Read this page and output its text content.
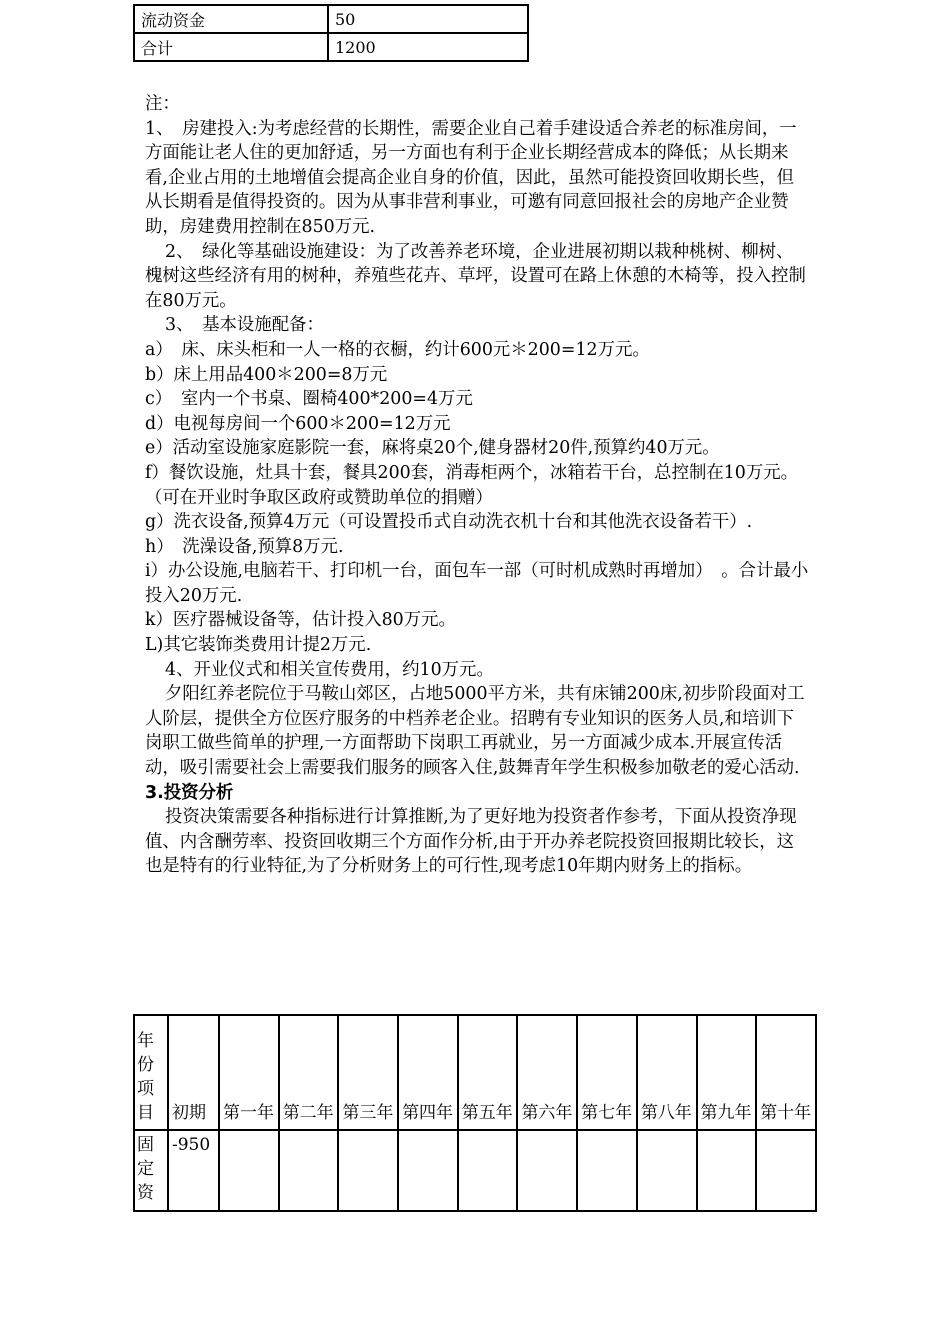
流动资金	50
合计	1200

注：

1、　房建投入:为考虑经营的长期性，需要企业自己着手建设适合养老的标准房间，一方面能让老人住的更加舒适，另一方面也有利于企业长期经营成本的降低；从长期来看,企业占用的土地增值会提高企业自身的价值，因此，虽然可能投资回收期长些，但从长期看是值得投资的。因为从事非营利事业，可邀有同意回报社会的房地产企业赞助，房建费用控制在850万元.

2、　绿化等基础设施建设：为了改善养老环境，企业进展初期以栽种桃树、柳树、槐树这些经济有用的树种，养殖些花卉、草坪，设置可在路上休憩的木椅等，投入控制在80万元。

3、　基本设施配备：

a）　床、床头柜和一人一格的衣橱，约计600元＊200=12万元。

b）床上用品400＊200=8万元

c）　室内一个书桌、圈椅400*200=4万元

d）电视每房间一个600＊200=12万元

e）活动室设施家庭影院一套，麻将桌20个,健身器材20件,预算约40万元。

f）餐饮设施，灶具十套，餐具200套，消毒柜两个，冰箱若干台，总控制在10万元。（可在开业时争取区政府或赞助单位的捐赠）

g）洗衣设备,预算4万元（可设置投币式自动洗衣机十台和其他洗衣设备若干）.

h）　洗澡设备,预算8万元.

i）办公设施,电脑若干、打印机一台，面包车一部（可时机成熟时再增加）　。合计最小投入20万元.

k）医疗器械设备等，估计投入80万元。

L)其它装饰类费用计提2万元.

4、开业仪式和相关宣传费用，约10万元。

夕阳红养老院位于马鞍山郊区，占地5000平方米，共有床铺200床,初步阶段面对工人阶层，提供全方位医疗服务的中档养老企业。招聘有专业知识的医务人员,和培训下岗职工做些简单的护理,一方面帮助下岗职工再就业，另一方面减少成本.开展宣传活动，吸引需要社会上需要我们服务的顾客入住,鼓舞青年学生积极参加敬老的爱心活动.

3.投资分析

投资决策需要各种指标进行计算推断,为了更好地为投资者作参考，下面从投资净现值、内含酬劳率、投资回收期三个方面作分析,由于开办养老院投资回报期比较长，这也是特有的行业特征,为了分析财务上的可行性,现考虑10年期内财务上的指标。

年份项目	初期	第一年	第二年	第三年	第四年	第五年	第六年	第七年	第八年	第九年	第十年
固定资	-950										
